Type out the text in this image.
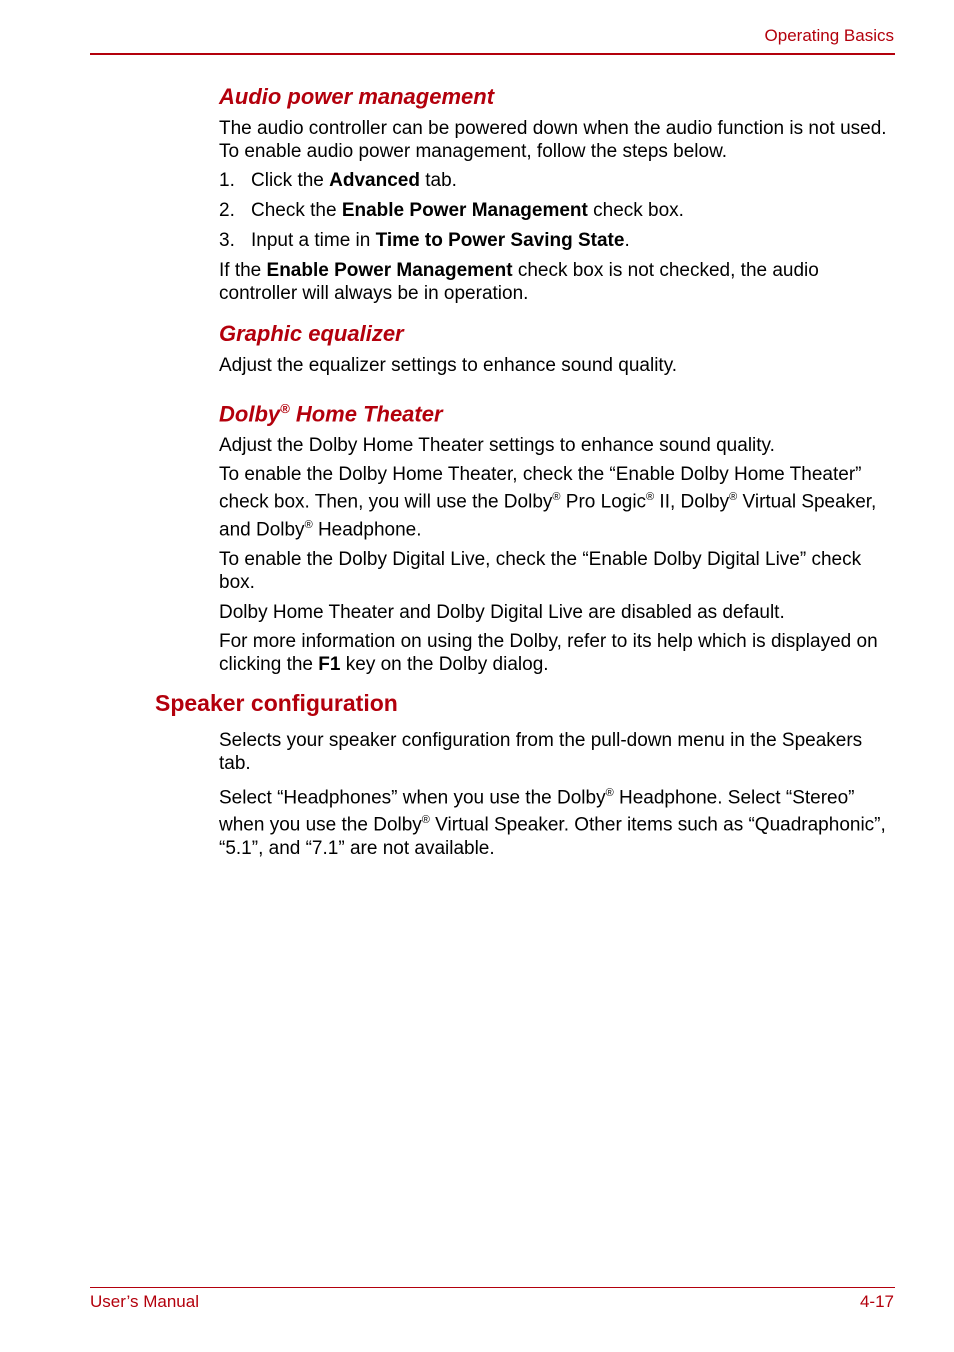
Operating Basics
Audio power management

The audio controller can be powered down when the audio function is not used. To enable audio power management, follow the steps below.

1. Click the Advanced tab.
2. Check the Enable Power Management check box.
3. Input a time in Time to Power Saving State.

If the Enable Power Management check box is not checked, the audio controller will always be in operation.

Graphic equalizer

Adjust the equalizer settings to enhance sound quality.

Dolby® Home Theater

Adjust the Dolby Home Theater settings to enhance sound quality.

To enable the Dolby Home Theater, check the “Enable Dolby Home Theater” check box. Then, you will use the Dolby® Pro Logic® II, Dolby® Virtual Speaker, and Dolby® Headphone.

To enable the Dolby Digital Live, check the “Enable Dolby Digital Live” check box.

Dolby Home Theater and Dolby Digital Live are disabled as default.

For more information on using the Dolby, refer to its help which is displayed on clicking the F1 key on the Dolby dialog.

Speaker configuration

Selects your speaker configuration from the pull-down menu in the Speakers tab.

Select “Headphones” when you use the Dolby® Headphone. Select “Stereo” when you use the Dolby® Virtual Speaker. Other items such as “Quadraphonic”, “5.1”, and “7.1” are not available.

User’s Manual	4-17
